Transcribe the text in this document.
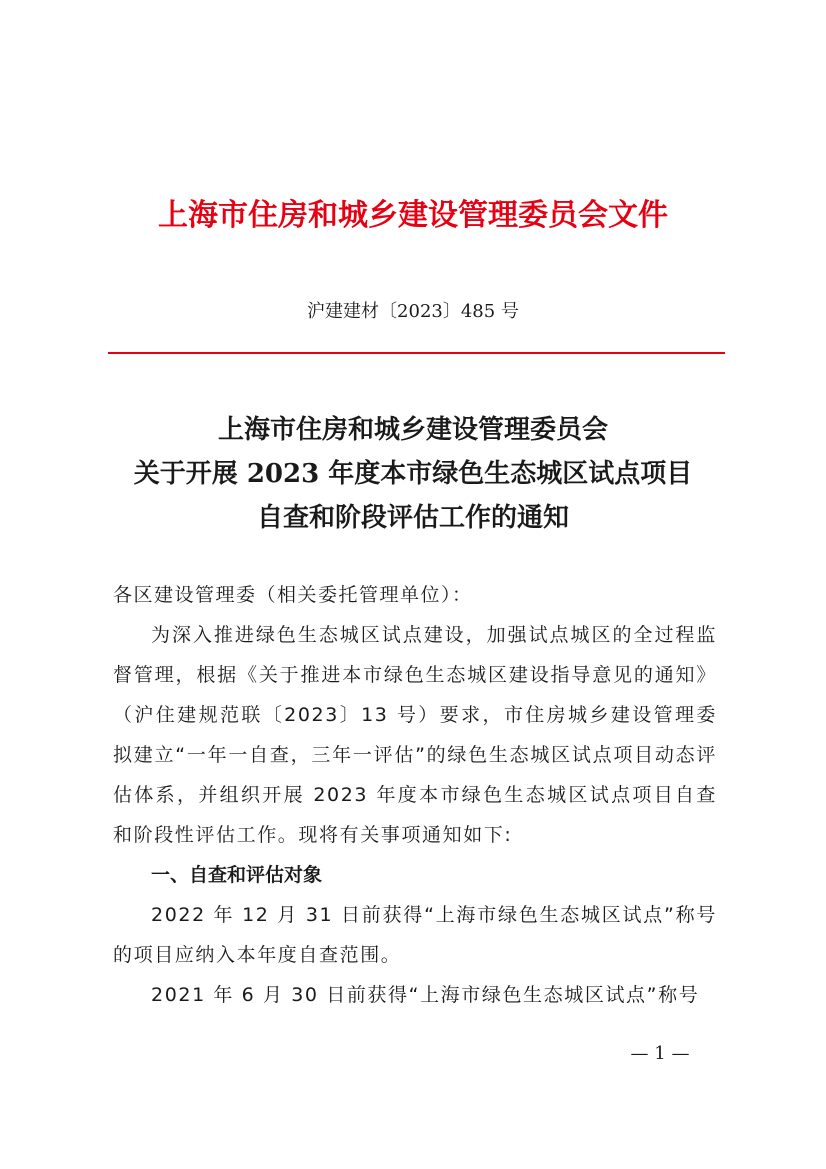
上海市住房和城乡建设管理委员会文件
沪建建材〔2023〕485 号
上海市住房和城乡建设管理委员会
关于开展 2023 年度本市绿色生态城区试点项目
自查和阶段评估工作的通知

各区建设管理委（相关委托管理单位）：

为深入推进绿色生态城区试点建设，加强试点城区的全过程监督管理，根据《关于推进本市绿色生态城区建设指导意见的通知》（沪住建规范联〔2023〕13 号）要求，市住房城乡建设管理委拟建立“一年一自查，三年一评估”的绿色生态城区试点项目动态评估体系，并组织开展 2023 年度本市绿色生态城区试点项目自查和阶段性评估工作。现将有关事项通知如下:

一、自查和评估对象

2022 年 12 月 31 日前获得“上海市绿色生态城区试点”称号的项目应纳入本年度自查范围。

2021 年 6 月 30 日前获得“上海市绿色生态城区试点”称号

— 1 —
